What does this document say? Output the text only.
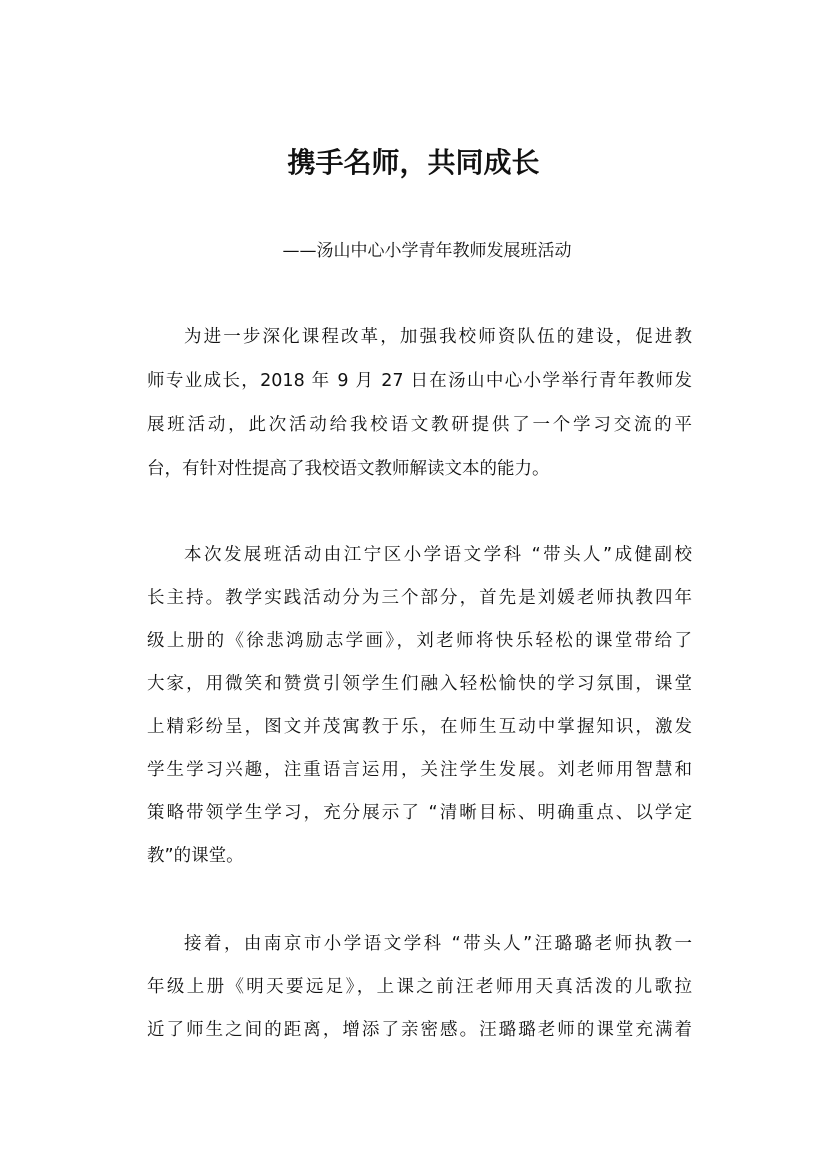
携手名师，共同成长

——汤山中心小学青年教师发展班活动

为进一步深化课程改革，加强我校师资队伍的建设，促进教

师专业成长，2018 年 9 月 27 日在汤山中心小学举行青年教师发

展班活动，此次活动给我校语文教研提供了一个学习交流的平

台，有针对性提高了我校语文教师解读文本的能力。

本次发展班活动由江宁区小学语文学科 “带头人”成健副校

长主持。教学实践活动分为三个部分，首先是刘媛老师执教四年

级上册的《徐悲鸿励志学画》，刘老师将快乐轻松的课堂带给了

大家，用微笑和赞赏引领学生们融入轻松愉快的学习氛围，课堂

上精彩纷呈，图文并茂寓教于乐，在师生互动中掌握知识，激发

学生学习兴趣，注重语言运用，关注学生发展。刘老师用智慧和

策略带领学生学习，充分展示了 “清晰目标、明确重点、以学定

教”的课堂。

接着，由南京市小学语文学科 “带头人”汪璐璐老师执教一

年级上册《明天要远足》，上课之前汪老师用天真活泼的儿歌拉

近了师生之间的距离，增添了亲密感。汪璐璐老师的课堂充满着
